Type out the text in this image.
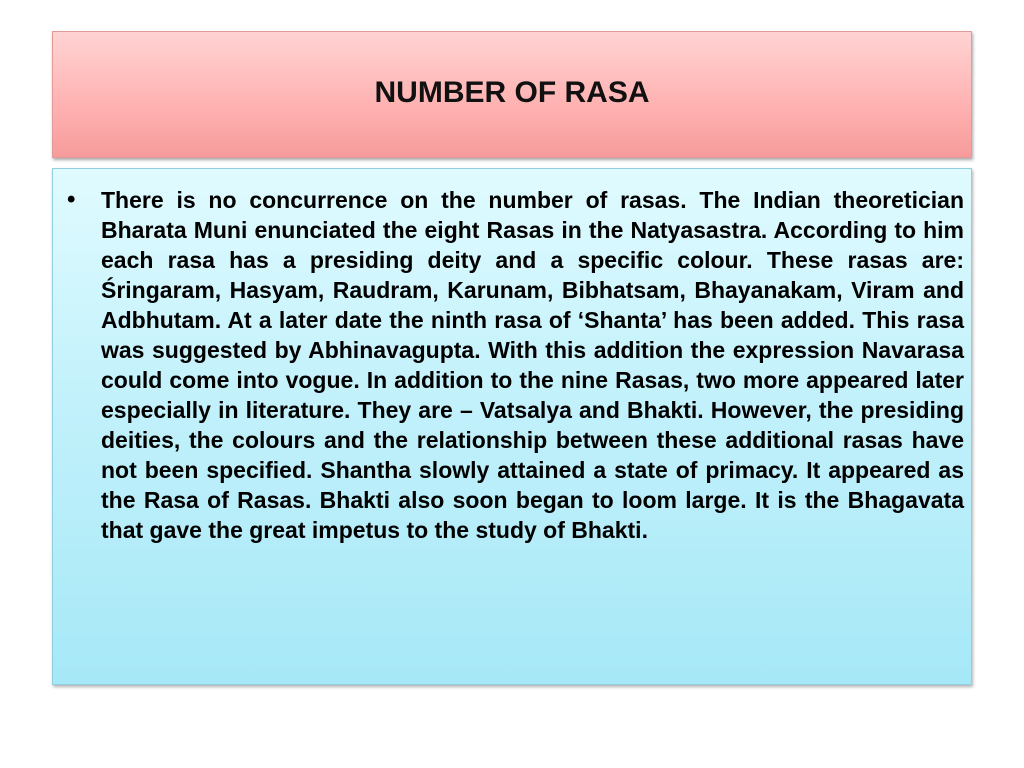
NUMBER OF RASA
• There is no concurrence on the number of rasas. The Indian theoretician Bharata Muni enunciated the eight Rasas in the Natyasastra. According to him each rasa has a presiding deity and a specific colour. These rasas are: Śringaram, Hasyam, Raudram, Karunam, Bibhatsam, Bhayanakam, Viram and Adbhutam. At a later date the ninth rasa of ‘Shanta’ has been added. This rasa was suggested by Abhinavagupta. With this addition the expression Navarasa could come into vogue. In addition to the nine Rasas, two more appeared later especially in literature. They are – Vatsalya and Bhakti. However, the presiding deities, the colours and the relationship between these additional rasas have not been specified. Shantha slowly attained a state of primacy. It appeared as the Rasa of Rasas. Bhakti also soon began to loom large. It is the Bhagavata that gave the great impetus to the study of Bhakti.
